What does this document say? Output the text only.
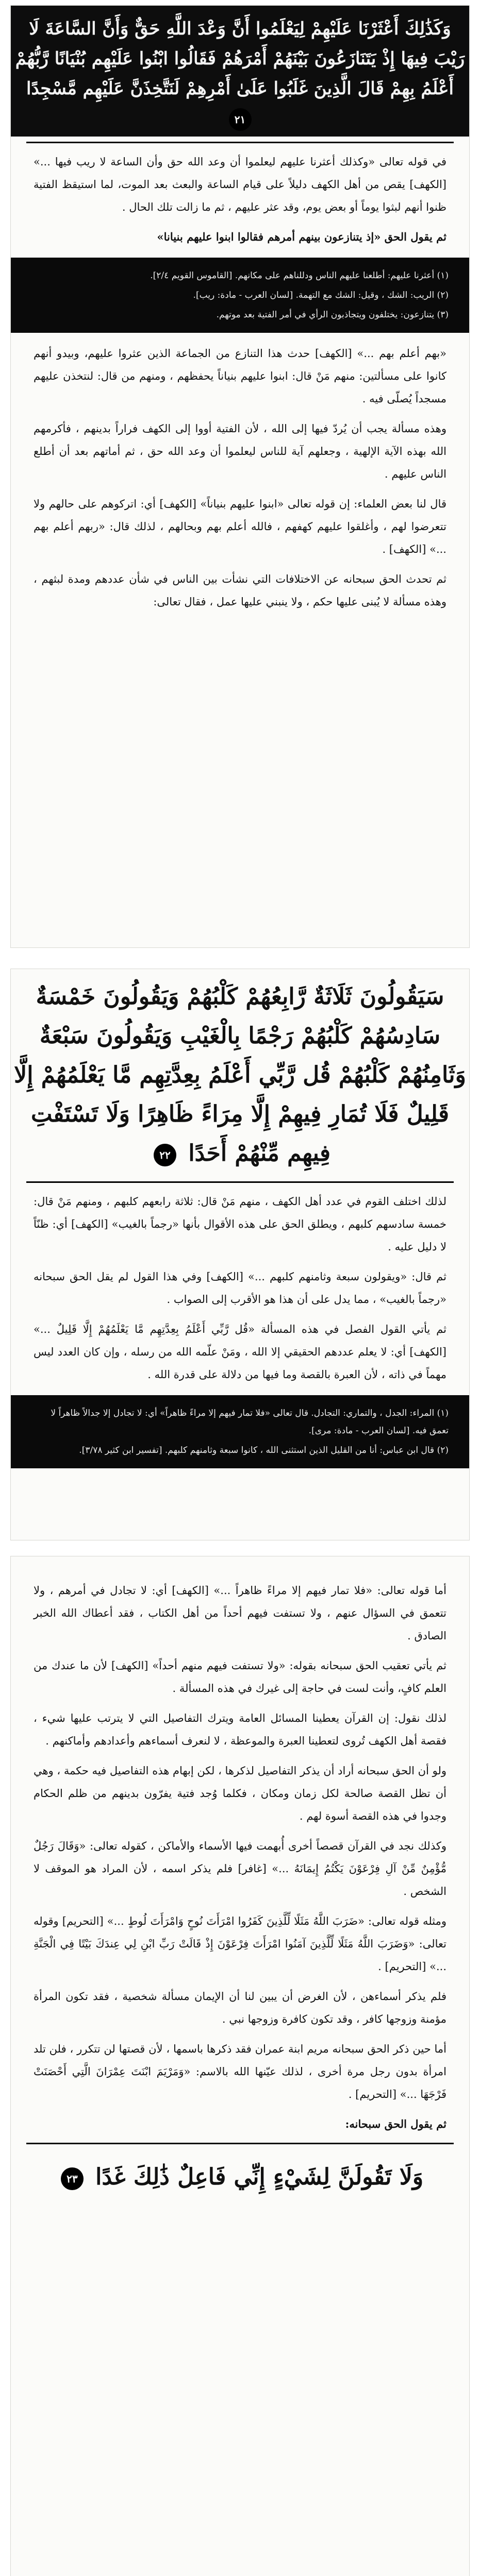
وَكَذَٰلِكَ أَعْثَرْنَا عَلَيْهِمْ لِيَعْلَمُوا أَنَّ وَعْدَ اللَّهِ حَقٌّ وَأَنَّ السَّاعَةَ لَا رَيْبَ فِيهَا إِذْ يَتَنَازَعُونَ بَيْنَهُمْ أَمْرَهُمْ فَقَالُوا ابْنُوا عَلَيْهِم بُنْيَانًا رَّبُّهُمْ أَعْلَمُ بِهِمْ قَالَ الَّذِينَ غَلَبُوا عَلَىٰ أَمْرِهِمْ لَنَتَّخِذَنَّ عَلَيْهِم مَّسْجِدًا ٢١

في قوله تعالى «وكذلك أعثرنا عليهم ليعلموا أن وعد الله حق وأن الساعة لا ريب فيها ...» [الكهف] يقص من أهل الكهف دليلاً على قيام الساعة والبعث بعد الموت، لما استيقظ الفتية ظنوا أنهم لبثوا يوماً أو بعض يوم، وقد عثر عليهم ، ثم ما زالت تلك الحال .

ثم يقول الحق «إذ يتنازعون بينهم أمرهم فقالوا ابنوا عليهم بنيانا»

(١) أعثرنا عليهم: أطلعنا عليهم الناس ودللناهم على مكانهم. [القاموس القويم ٢/٤].

(٢) الريب: الشك ، وقيل: الشك مع التهمة. [لسان العرب - مادة: ريب].

(٣) يتنازعون: يختلفون ويتجاذبون الرأي في أمر الفتية بعد موتهم.

«بهم أعلم بهم ...» [الكهف] حدث هذا التنازع من الجماعة الذين عثروا عليهم، وبيدو أنهم كانوا على مسألتين: منهم مَنْ قال: ابنوا عليهم بنياناً يحفظهم ، ومنهم من قال: لنتخذن عليهم مسجداً يُصلّى فيه .

وهذه مسألة يجب أن يُردّ فيها إلى الله ، لأن الفتية أووا إلى الكهف فراراً بدينهم ، فأكرمهم الله بهذه الآية الإلهية ، وجعلهم آية للناس ليعلموا أن وعد الله حق ، ثم أماتهم بعد أن أطلع الناس عليهم .

قال لنا بعض العلماء: إن قوله تعالى «ابنوا عليهم بنياناً» [الكهف] أي: اتركوهم على حالهم ولا تتعرضوا لهم ، وأغلقوا عليهم كهفهم ، فالله أعلم بهم وبحالهم ، لذلك قال: «ربهم أعلم بهم ...» [الكهف] .

ثم تحدث الحق سبحانه عن الاختلافات التي نشأت بين الناس في شأن عددهم ومدة لبثهم ، وهذه مسألة لا يُبنى عليها حكم ، ولا ينبني عليها عمل ، فقال تعالى:

سَيَقُولُونَ ثَلَاثَةٌ رَّابِعُهُمْ كَلْبُهُمْ وَيَقُولُونَ خَمْسَةٌ سَادِسُهُمْ كَلْبُهُمْ رَجْمًا بِالْغَيْبِ وَيَقُولُونَ سَبْعَةٌ وَثَامِنُهُمْ كَلْبُهُمْ قُل رَّبِّي أَعْلَمُ بِعِدَّتِهِم مَّا يَعْلَمُهُمْ إِلَّا قَلِيلٌ فَلَا تُمَارِ فِيهِمْ إِلَّا مِرَاءً ظَاهِرًا وَلَا تَسْتَفْتِ فِيهِم مِّنْهُمْ أَحَدًا ٢٢

لذلك اختلف القوم في عدد أهل الكهف ، منهم مَنْ قال: ثلاثة رابعهم كلبهم ، ومنهم مَنْ قال: خمسة سادسهم كلبهم ، ويطلق الحق على هذه الأقوال بأنها «رجماً بالغيب» [الكهف] أي: ظنّاً لا دليل عليه .

ثم قال: «ويقولون سبعة وثامنهم كلبهم ...» [الكهف] وفي هذا القول لم يقل الحق سبحانه «رجماً بالغيب» ، مما يدل على أن هذا هو الأقرب إلى الصواب .

ثم يأتي القول الفصل في هذه المسألة «قُل رَّبِّي أَعْلَمُ بِعِدَّتِهِم مَّا يَعْلَمُهُمْ إِلَّا قَلِيلٌ ...» [الكهف] أي: لا يعلم عددهم الحقيقي إلا الله ، ومَنْ علّمه الله من رسله ، وإن كان العدد ليس مهماً في ذاته ، لأن العبرة بالقصة وما فيها من دلالة على قدرة الله .

(١) المراء: الجدل ، والتماري: التجادل. قال تعالى «فلا تمار فيهم إلا مراءً ظاهراً» أي: لا تجادل إلا جدالاً ظاهراً لا تعمق فيه. [لسان العرب - مادة: مرى].

(٢) قال ابن عباس: أنا من القليل الذين استثنى الله ، كانوا سبعة وثامنهم كلبهم. [تفسير ابن كثير ٣/٧٨].

أما قوله تعالى: «فلا تمار فيهم إلا مراءً ظاهراً ...» [الكهف] أي: لا تجادل في أمرهم ، ولا تتعمق في السؤال عنهم ، ولا تستفت فيهم أحداً من أهل الكتاب ، فقد أعطاك الله الخبر الصادق .

ثم يأتي تعقيب الحق سبحانه بقوله: «ولا تستفت فيهم منهم أحداً» [الكهف] لأن ما عندك من العلم كافٍ، وأنت لست في حاجة إلى غيرك في هذه المسألة .

لذلك نقول: إن القرآن يعطينا المسائل العامة ويترك التفاصيل التي لا يترتب عليها شيء ، فقصة أهل الكهف تُروى لتعطينا العبرة والموعظة ، لا لنعرف أسماءهم وأعدادهم وأماكنهم .

ولو أن الحق سبحانه أراد أن يذكر التفاصيل لذكرها ، لكن إبهام هذه التفاصيل فيه حكمة ، وهي أن تظل القصة صالحة لكل زمان ومكان ، فكلما وُجد فتية يفرّون بدينهم من ظلم الحكام وجدوا في هذه القصة أسوة لهم .

وكذلك نجد في القرآن قصصاً أخرى أُبهمت فيها الأسماء والأماكن ، كقوله تعالى: «وَقَالَ رَجُلٌ مُّؤْمِنٌ مِّنْ آلِ فِرْعَوْنَ يَكْتُمُ إِيمَانَهُ ...» [غافر] فلم يذكر اسمه ، لأن المراد هو الموقف لا الشخص .

ومثله قوله تعالى: «ضَرَبَ اللَّهُ مَثَلًا لِّلَّذِينَ كَفَرُوا امْرَأَتَ نُوحٍ وَامْرَأَتَ لُوطٍ ...» [التحريم] وقوله تعالى: «وَضَرَبَ اللَّهُ مَثَلًا لِّلَّذِينَ آمَنُوا امْرَأَتَ فِرْعَوْنَ إِذْ قَالَتْ رَبِّ ابْنِ لِي عِندَكَ بَيْتًا فِي الْجَنَّةِ ...» [التحريم] .

فلم يذكر أسماءهن ، لأن الغرض أن يبين لنا أن الإيمان مسألة شخصية ، فقد تكون المرأة مؤمنة وزوجها كافر ، وقد تكون كافرة وزوجها نبي .

أما حين ذكر الحق سبحانه مريم ابنة عمران فقد ذكرها باسمها ، لأن قصتها لن تتكرر ، فلن تلد امرأة بدون رجل مرة أخرى ، لذلك عيّنها الله بالاسم: «وَمَرْيَمَ ابْنَتَ عِمْرَانَ الَّتِي أَحْصَنَتْ فَرْجَهَا ...» [التحريم] .

ثم يقول الحق سبحانه:

وَلَا تَقُولَنَّ لِشَيْءٍ إِنِّي فَاعِلٌ ذَٰلِكَ غَدًا ٢٣
